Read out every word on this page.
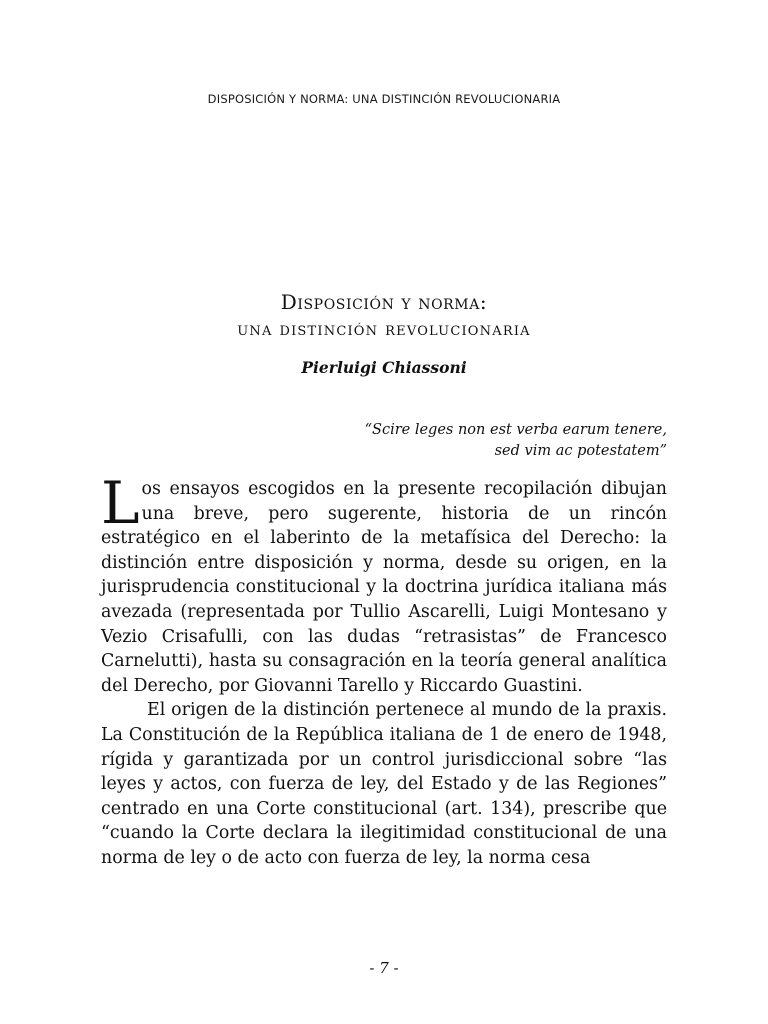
DISPOSICIÓN Y NORMA: UNA DISTINCIÓN REVOLUCIONARIA
Disposición y norma:
una distinción revolucionaria
Pierluigi Chiassoni
“Scire leges non est verba earum tenere,
sed vim ac potestatem”

Los ensayos escogidos en la presente recopilación dibujan una breve, pero sugerente, historia de un rincón estratégico en el laberinto de la metafísica del Derecho: la distinción entre disposición y norma, desde su origen, en la jurisprudencia constitucional y la doctrina jurídica italiana más avezada (representada por Tullio Ascarelli, Luigi Montesano y Vezio Crisafulli, con las dudas “retrasistas” de Francesco Carnelutti), hasta su consagración en la teoría general analítica del Derecho, por Giovanni Tarello y Riccardo Guastini.

El origen de la distinción pertenece al mundo de la praxis. La Constitución de la República italiana de 1 de enero de 1948, rígida y garantizada por un control jurisdiccional sobre “las leyes y actos, con fuerza de ley, del Estado y de las Regiones” centrado en una Corte constitucional (art. 134), prescribe que “cuando la Corte declara la ilegitimidad constitucional de una norma de ley o de acto con fuerza de ley, la norma cesa

- 7 -
